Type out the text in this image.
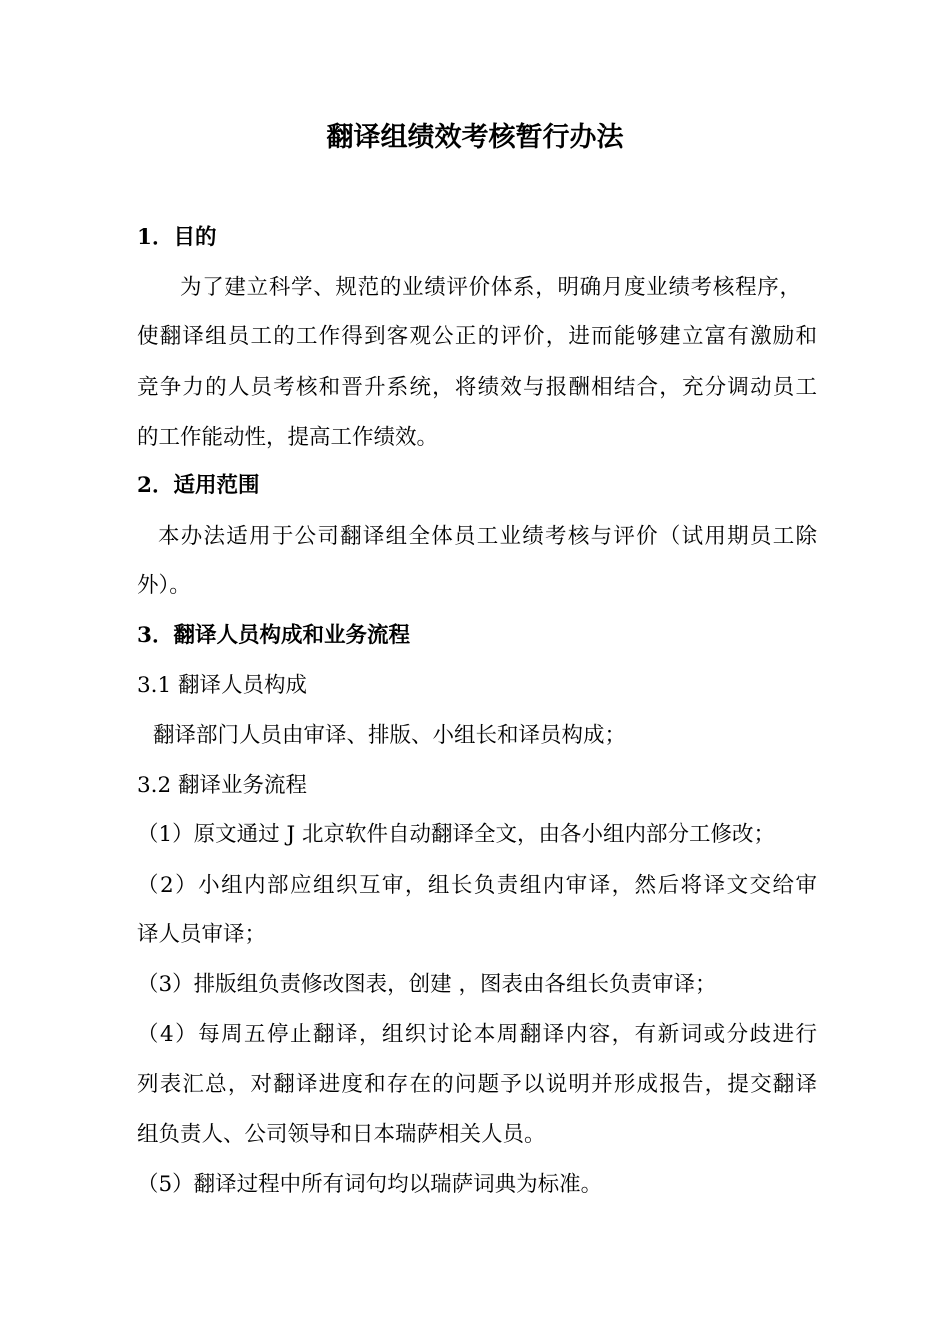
翻译组绩效考核暂行办法
1．目的
为了建立科学、规范的业绩评价体系，明确月度业绩考核程序，
使翻译组员工的工作得到客观公正的评价，进而能够建立富有激励和
竞争力的人员考核和晋升系统，将绩效与报酬相结合，充分调动员工
的工作能动性，提高工作绩效。
2．适用范围
本办法适用于公司翻译组全体员工业绩考核与评价（试用期员工除
外）。
3．翻译人员构成和业务流程
3.1 翻译人员构成
翻译部门人员由审译、排版、小组长和译员构成；
3.2 翻译业务流程
（1）原文通过 J 北京软件自动翻译全文，由各小组内部分工修改；
（2）小组内部应组织互审，组长负责组内审译，然后将译文交给审
译人员审译；
（3）排版组负责修改图表，创建 ，图表由各组长负责审译；
（4）每周五停止翻译，组织讨论本周翻译内容，有新词或分歧进行
列表汇总，对翻译进度和存在的问题予以说明并形成报告，提交翻译
组负责人、公司领导和日本瑞萨相关人员。
（5）翻译过程中所有词句均以瑞萨词典为标准。
